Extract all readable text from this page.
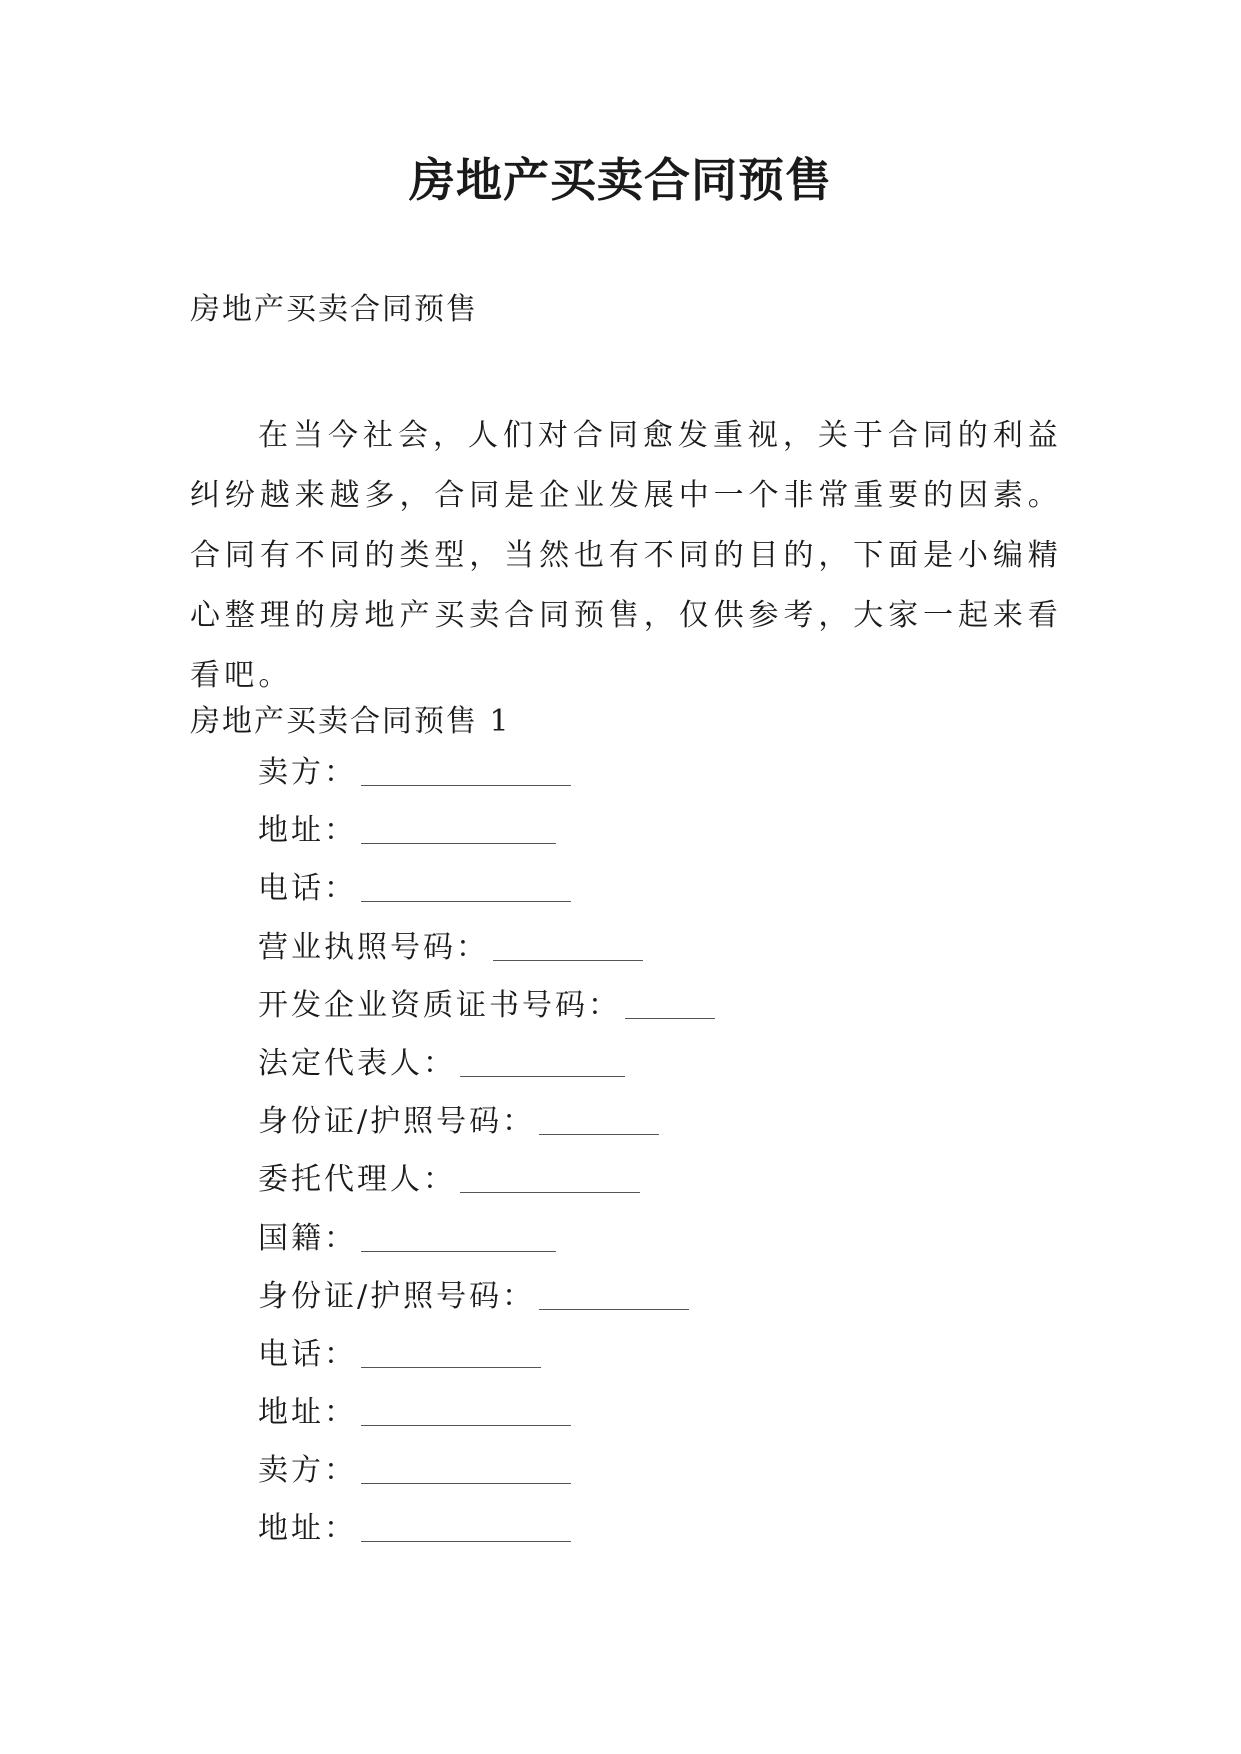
房地产买卖合同预售

房地产买卖合同预售

在当今社会，人们对合同愈发重视，关于合同的利益纠纷越来越多，合同是企业发展中一个非常重要的因素。合同有不同的类型，当然也有不同的目的，下面是小编精心整理的房地产买卖合同预售，仅供参考，大家一起来看看吧。

房地产买卖合同预售 1

卖方：
地址：
电话：
营业执照号码：
开发企业资质证书号码：
法定代表人：
身份证/护照号码：
委托代理人：
国籍：
身份证/护照号码：
电话：
地址：
卖方：
地址：
